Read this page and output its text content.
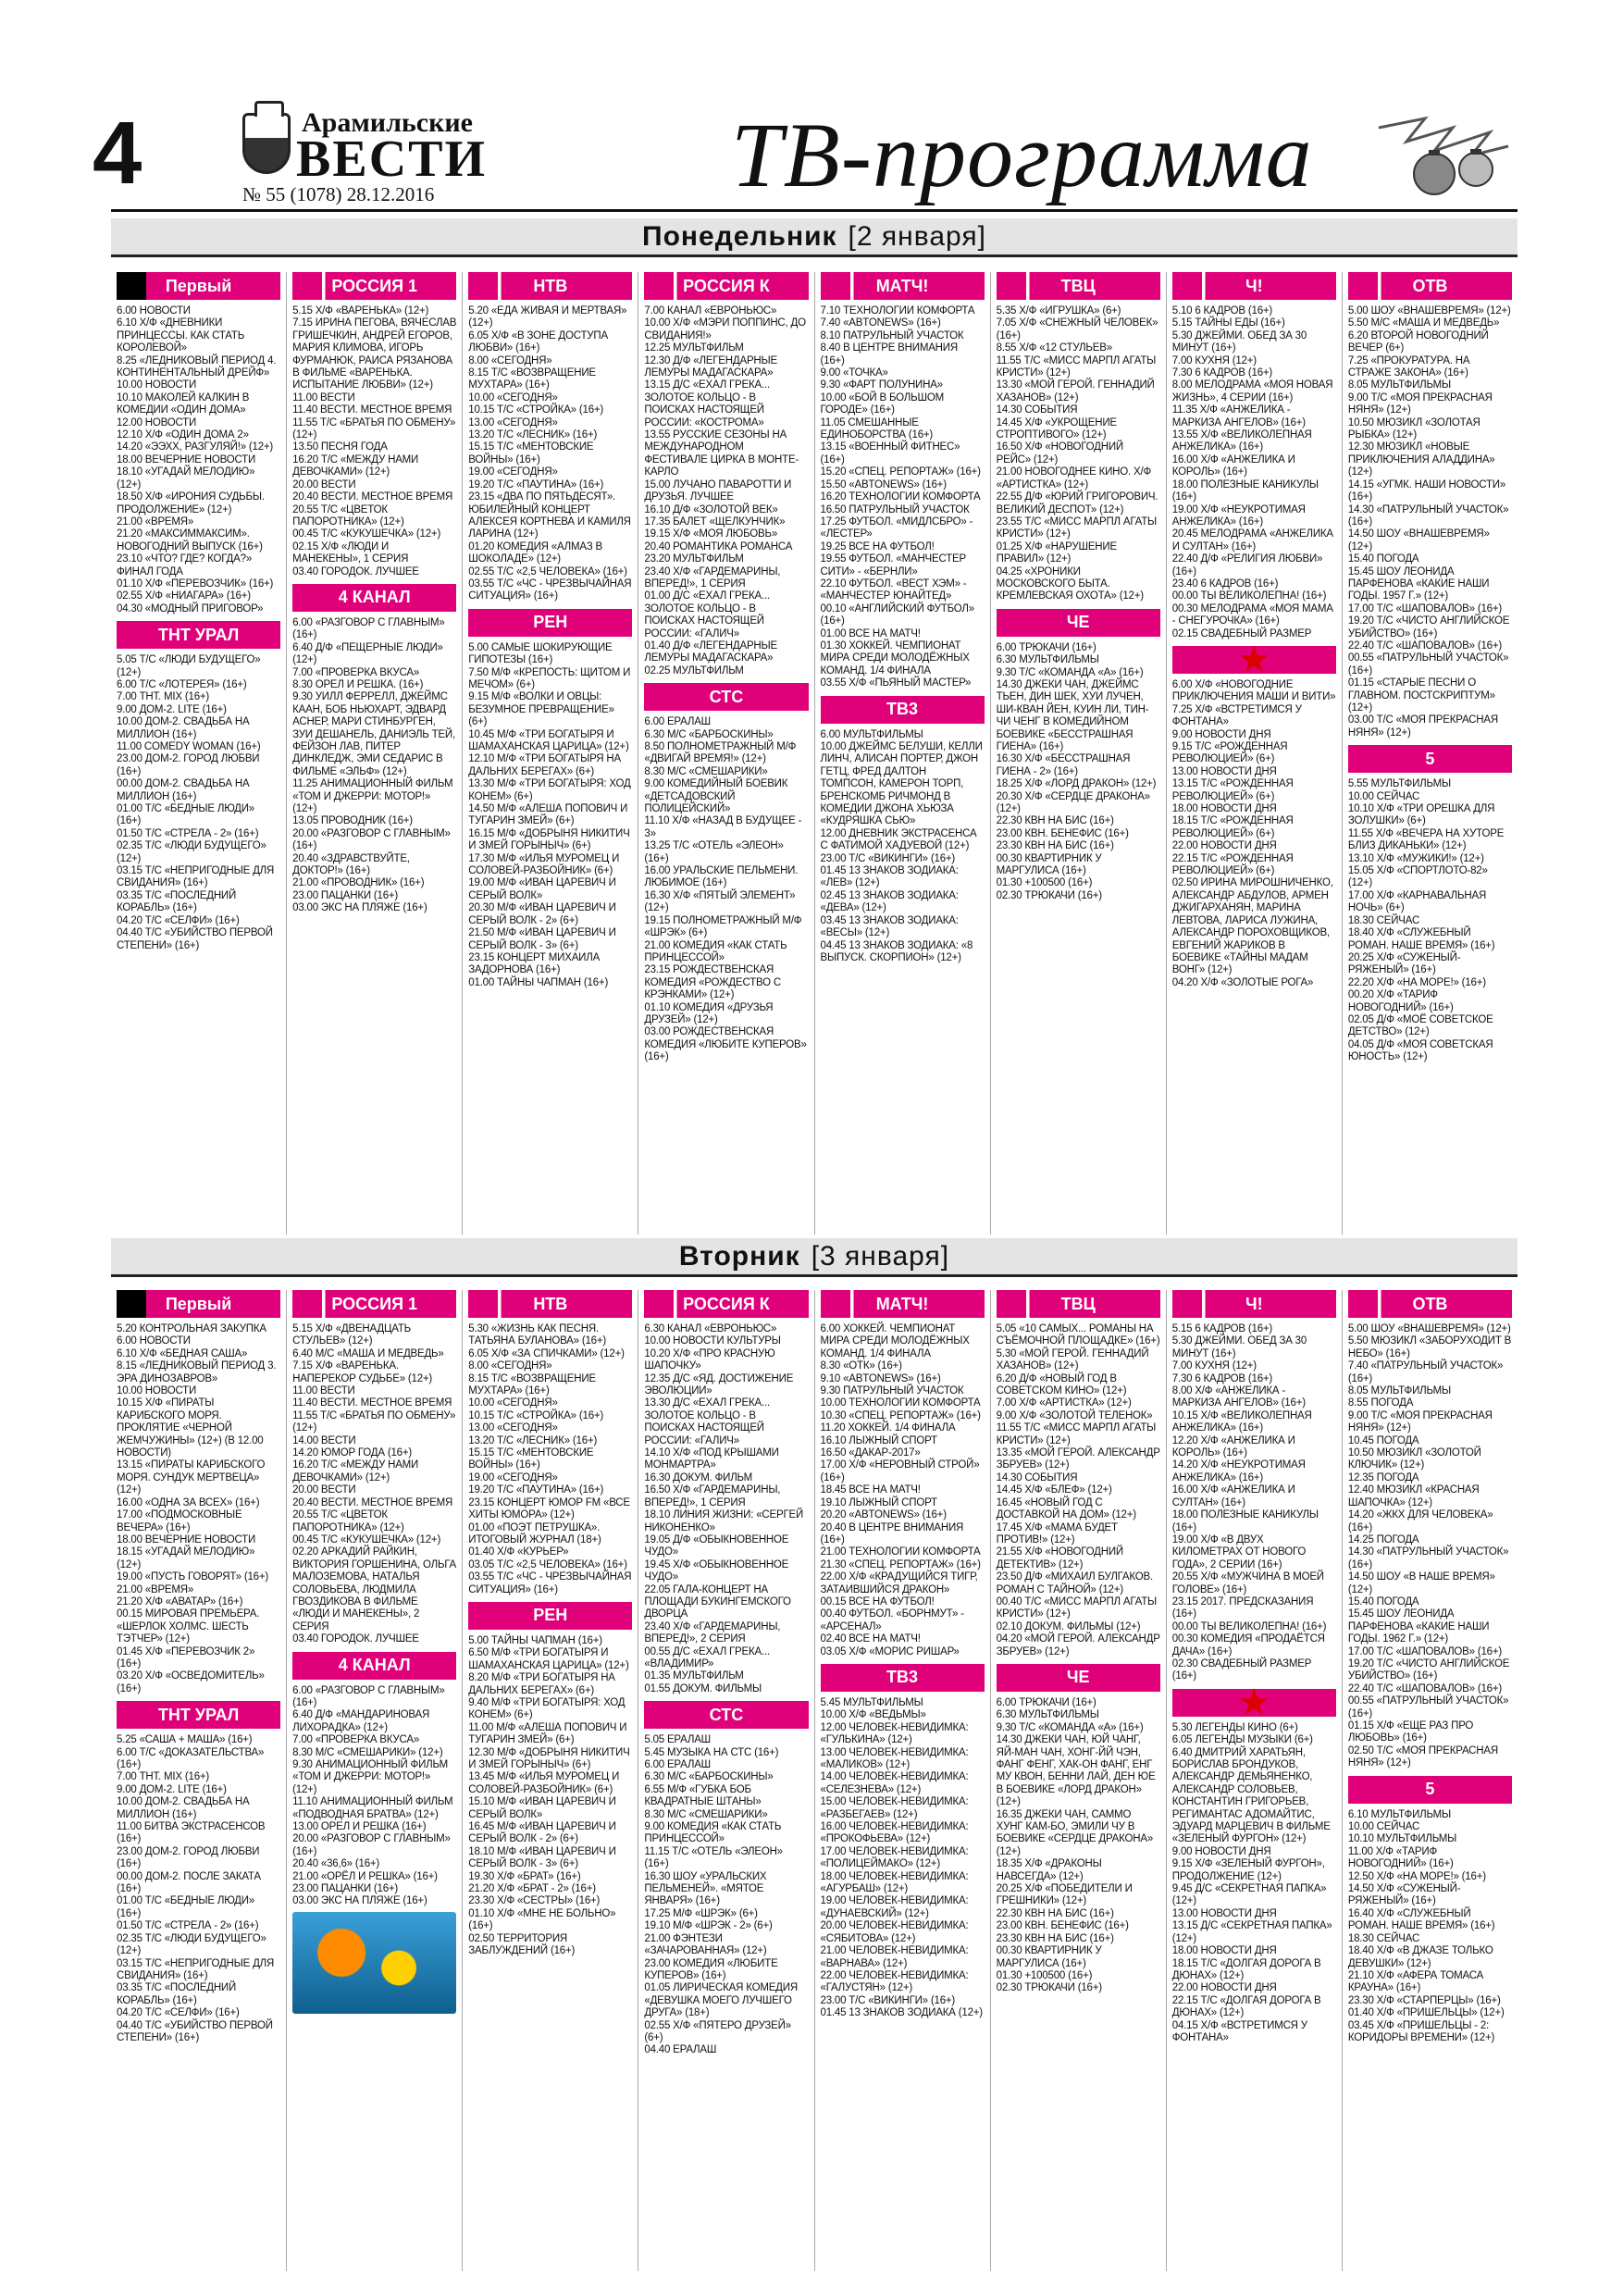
4	Арамильские
ВЕСТИ
№ 55 (1078) 28.12.2016	ТВ-программа
Понедельник [2 января]
Первый
6.00 НОВОСТИ
6.10 Х/Ф «ДНЕВНИКИ ПРИНЦЕССЫ. КАК СТАТЬ КОРОЛЕВОЙ»
8.25 «ЛЕДНИКОВЫЙ ПЕРИОД 4. КОНТИНЕНТАЛЬНЫЙ ДРЕЙФ»
10.00 НОВОСТИ
10.10 МАКОЛЕЙ КАЛКИН В КОМЕДИИ «ОДИН ДОМА»
12.00 НОВОСТИ
12.10 Х/Ф «ОДИН ДОМА 2»
14.20 «ЭЭХХ, РАЗГУЛЯЙ!» (12+)
18.00 ВЕЧЕРНИЕ НОВОСТИ
18.10 «УГАДАЙ МЕЛОДИЮ» (12+)
18.50 Х/Ф «ИРОНИЯ СУДЬБЫ. ПРОДОЛЖЕНИЕ» (12+)
21.00 «ВРЕМЯ»
21.20 «МАКСИММАКСИМ». НОВОГОДНИЙ ВЫПУСК (16+)
23.10 «ЧТО? ГДЕ? КОГДА?» ФИНАЛ ГОДА
01.10 Х/Ф «ПЕРЕВОЗЧИК» (16+)
02.55 Х/Ф «НИАГАРА» (16+)
04.30 «МОДНЫЙ ПРИГОВОР»
ТНТ УРАЛ
5.05 Т/С «ЛЮДИ БУДУЩЕГО» (12+)
6.00 Т/С «ЛОТЕРЕЯ» (16+)
7.00 ТНТ. MIX (16+)
9.00 ДОМ-2. LITE (16+)
10.00 ДОМ-2. СВАДЬБА НА МИЛЛИОН (16+)
11.00 COMEDY WOMAN (16+)
23.00 ДОМ-2. ГОРОД ЛЮБВИ (16+)
00.00 ДОМ-2. СВАДЬБА НА МИЛЛИОН (16+)
01.00 Т/С «БЕДНЫЕ ЛЮДИ» (16+)
01.50 Т/С «СТРЕЛА - 2» (16+)
02.35 Т/С «ЛЮДИ БУДУЩЕГО» (12+)
03.15 Т/С «НЕПРИГОДНЫЕ ДЛЯ СВИДАНИЯ» (16+)
03.35 Т/С «ПОСЛЕДНИЙ КОРАБЛЬ» (16+)
04.20 Т/С «СЕЛФИ» (16+)
04.40 Т/С «УБИЙСТВО ПЕРВОЙ СТЕПЕНИ» (16+)
РОССИЯ 1
5.15 Х/Ф «ВАРЕНЬКА» (12+)
7.15 ИРИНА ПЕГОВА, ВЯЧЕСЛАВ ГРИШЕЧКИН, АНДРЕЙ ЕГОРОВ, МАРИЯ КЛИМОВА, ИГОРЬ ФУРМАНЮК, РАИСА РЯЗАНОВА В ФИЛЬМЕ «ВАРЕНЬКА. ИСПЫТАНИЕ ЛЮБВИ» (12+)
11.00 ВЕСТИ
11.40 ВЕСТИ. МЕСТНОЕ ВРЕМЯ
11.55 Т/С «БРАТЬЯ ПО ОБМЕНУ» (12+)
13.50 ПЕСНЯ ГОДА
16.20 Т/С «МЕЖДУ НАМИ ДЕВОЧКАМИ» (12+)
20.00 ВЕСТИ
20.40 ВЕСТИ. МЕСТНОЕ ВРЕМЯ
20.55 Т/С «ЦВЕТОК ПАПОРОТНИКА» (12+)
00.45 Т/С «КУКУШЕЧКА» (12+)
02.15 Х/Ф «ЛЮДИ И МАНЕКЕНЫ», 1 СЕРИЯ
03.40 ГОРОДОК. ЛУЧШЕЕ
4 КАНАЛ
6.00 «РАЗГОВОР С ГЛАВНЫМ» (16+)
6.40 Д/Ф «ПЕЩЕРНЫЕ ЛЮДИ» (12+)
7.00 «ПРОВЕРКА ВКУСА»
8.30 ОРЕЛ И РЕШКА. (16+)
9.30 УИЛЛ ФЕРРЕЛЛ, ДЖЕЙМС КААН, БОБ НЬЮХАРТ, ЭДВАРД АСНЕР, МАРИ СТИНБУРГЕН, ЗУИ ДЕШАНЕЛЬ, ДАНИЭЛЬ ТЕЙ, ФЕЙЗОН ЛАВ, ПИТЕР ДИНКЛЕДЖ, ЭМИ СЕДАРИС В ФИЛЬМЕ «ЭЛЬФ» (12+)
11.25 АНИМАЦИОННЫЙ ФИЛЬМ «ТОМ И ДЖЕРРИ: МОТОР!» (12+)
13.05 ПРОВОДНИК (16+)
20.00 «РАЗГОВОР С ГЛАВНЫМ» (16+)
20.40 «ЗДРАВСТВУЙТЕ, ДОКТОР!» (16+)
21.00 «ПРОВОДНИК» (16+)
23.00 ПАЦАНКИ (16+)
03.00 ЭКС НА ПЛЯЖЕ (16+)
НТВ
5.20 «ЕДА ЖИВАЯ И МЕРТВАЯ» (12+)
6.05 Х/Ф «В ЗОНЕ ДОСТУПА ЛЮБВИ» (16+)
8.00 «СЕГОДНЯ»
8.15 Т/С «ВОЗВРАЩЕНИЕ МУХТАРА» (16+)
10.00 «СЕГОДНЯ»
10.15 Т/С «СТРОЙКА» (16+)
13.00 «СЕГОДНЯ»
13.20 Т/С «ЛЕСНИК» (16+)
15.15 Т/С «МЕНТОВСКИЕ ВОЙНЫ» (16+)
19.00 «СЕГОДНЯ»
19.20 Т/С «ПАУТИНА» (16+)
23.15 «ДВА ПО ПЯТЬДЕСЯТ». ЮБИЛЕЙНЫЙ КОНЦЕРТ АЛЕКСЕЯ КОРТНЕВА И КАМИЛЯ ЛАРИНА (12+)
01.20 КОМЕДИЯ «АЛМАЗ В ШОКОЛАДЕ» (12+)
02.55 Т/С «2,5 ЧЕЛОВЕКА» (16+)
03.55 Т/С «ЧС - ЧРЕЗВЫЧАЙНАЯ СИТУАЦИЯ» (16+)
РЕН
5.00 САМЫЕ ШОКИРУЮЩИЕ ГИПОТЕЗЫ (16+)
7.50 М/Ф «КРЕПОСТЬ: ЩИТОМ И МЕЧОМ» (6+)
9.15 М/Ф «ВОЛКИ И ОВЦЫ: БЕЗУМНОЕ ПРЕВРАЩЕНИЕ» (6+)
10.45 М/Ф «ТРИ БОГАТЫРЯ И ШАМАХАНСКАЯ ЦАРИЦА» (12+)
12.10 М/Ф «ТРИ БОГАТЫРЯ НА ДАЛЬНИХ БЕРЕГАХ» (6+)
13.30 М/Ф «ТРИ БОГАТЫРЯ: ХОД КОНЕМ» (6+)
14.50 М/Ф «АЛЕША ПОПОВИЧ И ТУГАРИН ЗМЕЙ» (6+)
16.15 М/Ф «ДОБРЫНЯ НИКИТИЧ И ЗМЕЙ ГОРЫНЫЧ» (6+)
17.30 М/Ф «ИЛЬЯ МУРОМЕЦ И СОЛОВЕЙ-РАЗБОЙНИК» (6+)
19.00 М/Ф «ИВАН ЦАРЕВИЧ И СЕРЫЙ ВОЛК»
20.30 М/Ф «ИВАН ЦАРЕВИЧ И СЕРЫЙ ВОЛК - 2» (6+)
21.50 М/Ф «ИВАН ЦАРЕВИЧ И СЕРЫЙ ВОЛК - 3» (6+)
23.15 КОНЦЕРТ МИХАИЛА ЗАДОРНОВА (16+)
01.00 ТАЙНЫ ЧАПМАН (16+)
РОССИЯ К
7.00 КАНАЛ «ЕВРОНЬЮС»
10.00 Х/Ф «МЭРИ ПОППИНС, ДО СВИДАНИЯ!»
12.25 МУЛЬТФИЛЬМ
12.30 Д/Ф «ЛЕГЕНДАРНЫЕ ЛЕМУРЫ МАДАГАСКАРА»
13.15 Д/С «ЕХАЛ ГРЕКА... ЗОЛОТОЕ КОЛЬЦО - В ПОИСКАХ НАСТОЯЩЕЙ РОССИИ: «КОСТРОМА»
13.55 РУССКИЕ СЕЗОНЫ НА МЕЖДУНАРОДНОМ ФЕСТИВАЛЕ ЦИРКА В МОНТЕ-КАРЛО
15.00 ЛУЧАНО ПАВАРОТТИ И ДРУЗЬЯ. ЛУЧШЕЕ
16.10 Д/Ф «ЗОЛОТОЙ ВЕК»
17.35 БАЛЕТ «ЩЕЛКУНЧИК»
19.15 Х/Ф «МОЯ ЛЮБОВЬ»
20.40 РОМАНТИКА РОМАНСА
23.20 МУЛЬТФИЛЬМ
23.40 Х/Ф «ГАРДЕМАРИНЫ, ВПЕРЕД!», 1 СЕРИЯ
01.00 Д/С «ЕХАЛ ГРЕКА... ЗОЛОТОЕ КОЛЬЦО - В ПОИСКАХ НАСТОЯЩЕЙ РОССИИ: «ГАЛИЧ»
01.40 Д/Ф «ЛЕГЕНДАРНЫЕ ЛЕМУРЫ МАДАГАСКАРА»
02.25 МУЛЬТФИЛЬМ
СТС
6.00 ЕРАЛАШ
6.30 М/С «БАРБОСКИНЫ»
8.50 ПОЛНОМЕТРАЖНЫЙ М/Ф «ДВИГАЙ ВРЕМЯ!» (12+)
8.30 М/С «СМЕШАРИКИ»
9.00 КОМЕДИЙНЫЙ БОЕВИК «ДЕТСАДОВСКИЙ ПОЛИЦЕЙСКИЙ»
11.10 Х/Ф «НАЗАД В БУДУЩЕЕ - 3»
13.25 Т/С «ОТЕЛЬ «ЭЛЕОН» (16+)
16.00 УРАЛЬСКИЕ ПЕЛЬМЕНИ. ЛЮБИМОЕ (16+)
16.30 Х/Ф «ПЯТЫЙ ЭЛЕМЕНТ» (12+)
19.15 ПОЛНОМЕТРАЖНЫЙ М/Ф «ШРЭК» (6+)
21.00 КОМЕДИЯ «КАК СТАТЬ ПРИНЦЕССОЙ»
23.15 РОЖДЕСТВЕНСКАЯ КОМЕДИЯ «РОЖДЕСТВО С КРЭНКАМИ» (12+)
01.10 КОМЕДИЯ «ДРУЗЬЯ ДРУЗЕЙ» (12+)
03.00 РОЖДЕСТВЕНСКАЯ КОМЕДИЯ «ЛЮБИТЕ КУПЕРОВ» (16+)
МАТЧ!
7.10 ТЕХНОЛОГИИ КОМФОРТА
7.40 «ABTONEWS» (16+)
8.10 ПАТРУЛЬНЫЙ УЧАСТОК
8.40 В ЦЕНТРЕ ВНИМАНИЯ (16+)
9.00 «ТОЧКА»
9.30 «ФАРТ ПОЛУНИНА»
10.00 «БОЙ В БОЛЬШОМ ГОРОДЕ» (16+)
11.05 СМЕШАННЫЕ ЕДИНОБОРСТВА (16+)
13.15 «ВОЕННЫЙ ФИТНЕС» (16+)
15.20 «СПЕЦ. РЕПОРТАЖ» (16+)
15.50 «ABTONEWS» (16+)
16.20 ТЕХНОЛОГИИ КОМФОРТА
16.50 ПАТРУЛЬНЫЙ УЧАСТОК
17.25 ФУТБОЛ. «МИДЛСБРО» - «ЛЕСТЕР»
19.25 ВСЕ НА ФУТБОЛ!
19.55 ФУТБОЛ. «МАНЧЕСТЕР СИТИ» - «БЕРНЛИ»
22.10 ФУТБОЛ. «ВЕСТ ХЭМ» - «МАНЧЕСТЕР ЮНАЙТЕД»
00.10 «АНГЛИЙСКИЙ ФУТБОЛ» (16+)
01.00 ВСЕ НА МАТЧ!
01.30 ХОККЕЙ. ЧЕМПИОНАТ МИРА СРЕДИ МОЛОДЁЖНЫХ КОМАНД. 1/4 ФИНАЛА
03.55 Х/Ф «ПЬЯНЫЙ МАСТЕР»
ТВ3
6.00 МУЛЬТФИЛЬМЫ
10.00 ДЖЕЙМС БЕЛУШИ, КЕЛЛИ ЛИНЧ, АЛИСАН ПОРТЕР, ДЖОН ГЕТЦ, ФРЕД ДАЛТОН ТОМПСОН, КАМЕРОН ТОРП, БРЕНСКОМБ РИЧМОНД В КОМЕДИИ ДЖОНА ХЬЮЗА «КУДРЯШКА СЬЮ»
12.00 ДНЕВНИК ЭКСТРАСЕНСА С ФАТИМОЙ ХАДУЕВОЙ (12+)
23.00 Т/С «ВИКИНГИ» (16+)
01.45 13 ЗНАКОВ ЗОДИАКА: «ЛЕВ» (12+)
02.45 13 ЗНАКОВ ЗОДИАКА: «ДЕВА» (12+)
03.45 13 ЗНАКОВ ЗОДИАКА: «ВЕСЫ» (12+)
04.45 13 ЗНАКОВ ЗОДИАКА: «8 ВЫПУСК. СКОРПИОН» (12+)
ТВЦ
5.35 Х/Ф «ИГРУШКА» (6+)
7.05 Х/Ф «СНЕЖНЫЙ ЧЕЛОВЕК» (16+)
8.55 Х/Ф «12 СТУЛЬЕВ»
11.55 Т/С «МИСС МАРПЛ АГАТЫ КРИСТИ» (12+)
13.30 «МОЙ ГЕРОЙ. ГЕННАДИЙ ХАЗАНОВ» (12+)
14.30 СОБЫТИЯ
14.45 Х/Ф «УКРОЩЕНИЕ СТРОПТИВОГО» (12+)
16.50 Х/Ф «НОВОГОДНИЙ РЕЙС» (12+)
21.00 НОВОГОДНЕЕ КИНО. Х/Ф «АРТИСТКА» (12+)
22.55 Д/Ф «ЮРИЙ ГРИГОРОВИЧ. ВЕЛИКИЙ ДЕСПОТ» (12+)
23.55 Т/С «МИСС МАРПЛ АГАТЫ КРИСТИ» (12+)
01.25 Х/Ф «НАРУШЕНИЕ ПРАВИЛ» (12+)
04.25 «ХРОНИКИ МОСКОВСКОГО БЫТА. КРЕМЛЕВСКАЯ ОХОТА» (12+)
ЧЕ
6.00 ТРЮКАЧИ (16+)
6.30 МУЛЬТФИЛЬМЫ
9.30 Т/С «КОМАНДА «А» (16+)
14.30 ДЖЕКИ ЧАН, ДЖЕЙМС ТЬЕН, ДИН ШЕК, ХУИ ЛУЧЕН, ШИ-КВАН ЙЕН, КУИН ЛИ, ТИН-ЧИ ЧЕНГ В КОМЕДИЙНОМ БОЕВИКЕ «БЕССТРАШНАЯ ГИЕНА» (16+)
16.30 Х/Ф «БЕССТРАШНАЯ ГИЕНА - 2» (16+)
18.25 Х/Ф «ЛОРД ДРАКОН» (12+)
20.30 Х/Ф «СЕРДЦЕ ДРАКОНА» (12+)
22.30 КВН НА БИС (16+)
23.00 КВН. БЕНЕФИС (16+)
23.30 КВН НА БИС (16+)
00.30 КВАРТИРНИК У МАРГУЛИСА (16+)
01.30 +100500 (16+)
02.30 ТРЮКАЧИ (16+)
Ч!
5.10 6 КАДРОВ (16+)
5.15 ТАЙНЫ ЕДЫ (16+)
5.30 ДЖЕЙМИ. ОБЕД ЗА 30 МИНУТ (16+)
7.00 КУХНЯ (12+)
7.30 6 КАДРОВ (16+)
8.00 МЕЛОДРАМА «МОЯ НОВАЯ ЖИЗНЬ», 4 СЕРИИ (16+)
11.35 Х/Ф «АНЖЕЛИКА - МАРКИЗА АНГЕЛОВ» (16+)
13.55 Х/Ф «ВЕЛИКОЛЕПНАЯ АНЖЕЛИКА» (16+)
16.00 Х/Ф «АНЖЕЛИКА И КОРОЛЬ» (16+)
18.00 ПОЛЕЗНЫЕ КАНИКУЛЫ (16+)
19.00 Х/Ф «НЕУКРОТИМАЯ АНЖЕЛИКА» (16+)
20.45 МЕЛОДРАМА «АНЖЕЛИКА И СУЛТАН» (16+)
22.40 Д/Ф «РЕЛИГИЯ ЛЮБВИ» (16+)
23.40 6 КАДРОВ (16+)
00.00 ТЫ ВЕЛИКОЛЕПНА! (16+)
00.30 МЕЛОДРАМА «МОЯ МАМА - СНЕГУРОЧКА» (16+)
02.15 СВАДЕБНЫЙ РАЗМЕР
★
6.00 Х/Ф «НОВОГОДНИЕ ПРИКЛЮЧЕНИЯ МАШИ И ВИТИ»
7.25 Х/Ф «ВСТРЕТИМСЯ У ФОНТАНА»
9.00 НОВОСТИ ДНЯ
9.15 Т/С «РОЖДЕННАЯ РЕВОЛЮЦИЕЙ» (6+)
13.00 НОВОСТИ ДНЯ
13.15 Т/С «РОЖДЕННАЯ РЕВОЛЮЦИЕЙ» (6+)
18.00 НОВОСТИ ДНЯ
18.15 Т/С «РОЖДЕННАЯ РЕВОЛЮЦИЕЙ» (6+)
22.00 НОВОСТИ ДНЯ
22.15 Т/С «РОЖДЕННАЯ РЕВОЛЮЦИЕЙ» (6+)
02.50 ИРИНА МИРОШНИЧЕНКО, АЛЕКСАНДР АБДУЛОВ, АРМЕН ДЖИГАРХАНЯН, МАРИНА ЛЕВТОВА, ЛАРИСА ЛУЖИНА, АЛЕКСАНДР ПОРОХОВЩИКОВ, ЕВГЕНИЙ ЖАРИКОВ В БОЕВИКЕ «ТАЙНЫ МАДАМ ВОНГ» (12+)
04.20 Х/Ф «ЗОЛОТЫЕ РОГА»
ОТВ
5.00 ШОУ «ВНАШЕВРЕМЯ» (12+)
5.50 М/С «МАША И МЕДВЕДЬ»
6.20 ВТОРОЙ НОВОГОДНИЙ ВЕЧЕР (6+)
7.25 «ПРОКУРАТУРА. НА СТРАЖЕ ЗАКОНА» (16+)
8.05 МУЛЬТФИЛЬМЫ
9.00 Т/С «МОЯ ПРЕКРАСНАЯ НЯНЯ» (12+)
10.50 МЮЗИКЛ «ЗОЛОТАЯ РЫБКА» (12+)
12.30 МЮЗИКЛ «НОВЫЕ ПРИКЛЮЧЕНИЯ АЛАДДИНА» (12+)
14.15 «УГМК. НАШИ НОВОСТИ» (16+)
14.30 «ПАТРУЛЬНЫЙ УЧАСТОК» (16+)
14.50 ШОУ «ВНАШЕВРЕМЯ» (12+)
15.40 ПОГОДА
15.45 ШОУ ЛЕОНИДА ПАРФЕНОВА «КАКИЕ НАШИ ГОДЫ. 1957 Г.» (12+)
17.00 Т/С «ШАПОВАЛОВ» (16+)
19.20 Т/С «ЧИСТО АНГЛИЙСКОЕ УБИЙСТВО» (16+)
22.40 Т/С «ШАПОВАЛОВ» (16+)
00.55 «ПАТРУЛЬНЫЙ УЧАСТОК» (16+)
01.15 «СТАРЫЕ ПЕСНИ О ГЛАВНОМ. ПОСТСКРИПТУМ» (12+)
03.00 Т/С «МОЯ ПРЕКРАСНАЯ НЯНЯ» (12+)
5
5.55 МУЛЬТФИЛЬМЫ
10.00 СЕЙЧАС
10.10 Х/Ф «ТРИ ОРЕШКА ДЛЯ ЗОЛУШКИ» (6+)
11.55 Х/Ф «ВЕЧЕРА НА ХУТОРЕ БЛИЗ ДИКАНЬКИ» (12+)
13.10 Х/Ф «МУЖИКИ!» (12+)
15.05 Х/Ф «СПОРТЛОТО-82» (12+)
17.00 Х/Ф «КАРНАВАЛЬНАЯ НОЧЬ» (6+)
18.30 СЕЙЧАС
18.40 Х/Ф «СЛУЖЕБНЫЙ РОМАН. НАШЕ ВРЕМЯ» (16+)
20.25 Х/Ф «СУЖЕНЫЙ-РЯЖЕНЫЙ» (16+)
22.20 Х/Ф «НА МОРЕ!» (16+)
00.20 Х/Ф «ТАРИФ НОВОГОДНИЙ» (16+)
02.05 Д/Ф «МОЁ СОВЕТСКОЕ ДЕТСТВО» (12+)
04.05 Д/Ф «МОЯ СОВЕТСКАЯ ЮНОСТЬ» (12+)
Вторник [3 января]
Первый
5.20 КОНТРОЛЬНАЯ ЗАКУПКА
6.00 НОВОСТИ
6.10 Х/Ф «БЕДНАЯ САША»
8.15 «ЛЕДНИКОВЫЙ ПЕРИОД 3. ЭРА ДИНОЗАВРОВ»
10.00 НОВОСТИ
10.15 Х/Ф «ПИРАТЫ КАРИБСКОГО МОРЯ. ПРОКЛЯТИЕ «ЧЕРНОЙ ЖЕМЧУЖИНЫ» (12+) (В 12.00 НОВОСТИ)
13.15 «ПИРАТЫ КАРИБСКОГО МОРЯ. СУНДУК МЕРТВЕЦА» (12+)
16.00 «ОДНА ЗА ВСЕХ» (16+)
17.00 «ПОДМОСКОВНЫЕ ВЕЧЕРА» (16+)
18.00 ВЕЧЕРНИЕ НОВОСТИ
18.15 «УГАДАЙ МЕЛОДИЮ» (12+)
19.00 «ПУСТЬ ГОВОРЯТ» (16+)
21.00 «ВРЕМЯ»
21.20 Х/Ф «АВАТАР» (16+)
00.15 МИРОВАЯ ПРЕМЬЕРА. «ШЕРЛОК ХОЛМС. ШЕСТЬ ТЭТЧЕР» (12+)
01.45 Х/Ф «ПЕРЕВОЗЧИК 2» (16+)
03.20 Х/Ф «ОСВЕДОМИТЕЛЬ» (16+)
ТНТ УРАЛ
5.25 «САША + МАША» (16+)
6.00 Т/С «ДОКАЗАТЕЛЬСТВА» (16+)
7.00 ТНТ. MIX (16+)
9.00 ДОМ-2. LITE (16+)
10.00 ДОМ-2. СВАДЬБА НА МИЛЛИОН (16+)
11.00 БИТВА ЭКСТРАСЕНСОВ (16+)
23.00 ДОМ-2. ГОРОД ЛЮБВИ (16+)
00.00 ДОМ-2. ПОСЛЕ ЗАКАТА (16+)
01.00 Т/С «БЕДНЫЕ ЛЮДИ» (16+)
01.50 Т/С «СТРЕЛА - 2» (16+)
02.35 Т/С «ЛЮДИ БУДУЩЕГО» (12+)
03.15 Т/С «НЕПРИГОДНЫЕ ДЛЯ СВИДАНИЯ» (16+)
03.35 Т/С «ПОСЛЕДНИЙ КОРАБЛЬ» (16+)
04.20 Т/С «СЕЛФИ» (16+)
04.40 Т/С «УБИЙСТВО ПЕРВОЙ СТЕПЕНИ» (16+)
РОССИЯ 1
5.15 Х/Ф «ДВЕНАДЦАТЬ СТУЛЬЕВ» (12+)
6.40 М/С «МАША И МЕДВЕДЬ»
7.15 Х/Ф «ВАРЕНЬКА. НАПЕРЕКОР СУДЬБЕ» (12+)
11.00 ВЕСТИ
11.40 ВЕСТИ. МЕСТНОЕ ВРЕМЯ
11.55 Т/С «БРАТЬЯ ПО ОБМЕНУ» (12+)
14.00 ВЕСТИ
14.20 ЮМОР ГОДА (16+)
16.20 Т/С «МЕЖДУ НАМИ ДЕВОЧКАМИ» (12+)
20.00 ВЕСТИ
20.40 ВЕСТИ. МЕСТНОЕ ВРЕМЯ
20.55 Т/С «ЦВЕТОК ПАПОРОТНИКА» (12+)
00.45 Т/С «КУКУШЕЧКА» (12+)
02.20 АРКАДИЙ РАЙКИН, ВИКТОРИЯ ГОРШЕНИНА, ОЛЬГА МАЛОЗЕМОВА, НАТАЛЬЯ СОЛОВЬЕВА, ЛЮДМИЛА ГВОЗДИКОВА В ФИЛЬМЕ «ЛЮДИ И МАНЕКЕНЫ», 2 СЕРИЯ
03.40 ГОРОДОК. ЛУЧШЕЕ
4 КАНАЛ
6.00 «РАЗГОВОР С ГЛАВНЫМ» (16+)
6.40 Д/Ф «МАНДАРИНОВАЯ ЛИХОРАДКА» (12+)
7.00 «ПРОВЕРКА ВКУСА»
8.30 М/С «СМЕШАРИКИ» (12+)
9.30 АНИМАЦИОННЫЙ ФИЛЬМ «ТОМ И ДЖЕРРИ: МОТОР!» (12+)
11.10 АНИМАЦИОННЫЙ ФИЛЬМ «ПОДВОДНАЯ БРАТВА» (12+)
13.00 ОРЕЛ И РЕШКА (16+)
20.00 «РАЗГОВОР С ГЛАВНЫМ» (16+)
20.40 «36,6» (16+)
21.00 «ОРЁЛ И РЕШКА» (16+)
23.00 ПАЦАНКИ (16+)
03.00 ЭКС НА ПЛЯЖЕ (16+)
НТВ
5.30 «ЖИЗНЬ КАК ПЕСНЯ. ТАТЬЯНА БУЛАНОВА» (16+)
6.05 Х/Ф «ЗА СПИЧКАМИ» (12+)
8.00 «СЕГОДНЯ»
8.15 Т/С «ВОЗВРАЩЕНИЕ МУХТАРА» (16+)
10.00 «СЕГОДНЯ»
10.15 Т/С «СТРОЙКА» (16+)
13.00 «СЕГОДНЯ»
13.20 Т/С «ЛЕСНИК» (16+)
15.15 Т/С «МЕНТОВСКИЕ ВОЙНЫ» (16+)
19.00 «СЕГОДНЯ»
19.20 Т/С «ПАУТИНА» (16+)
23.15 КОНЦЕРТ ЮМОР FM «ВСЕ ХИТЫ ЮМОРА» (12+)
01.00 «ПОЭТ ПЕТРУШКА». ИТОГОВЫЙ ЖУРНАЛ (18+)
01.40 Х/Ф «КУРЬЕР»
03.05 Т/С «2,5 ЧЕЛОВЕКА» (16+)
03.55 Т/С «ЧС - ЧРЕЗВЫЧАЙНАЯ СИТУАЦИЯ» (16+)
РЕН
5.00 ТАЙНЫ ЧАПМАН (16+)
6.50 М/Ф «ТРИ БОГАТЫРЯ И ШАМАХАНСКАЯ ЦАРИЦА» (12+)
8.20 М/Ф «ТРИ БОГАТЫРЯ НА ДАЛЬНИХ БЕРЕГАХ» (6+)
9.40 М/Ф «ТРИ БОГАТЫРЯ: ХОД КОНЕМ» (6+)
11.00 М/Ф «АЛЕША ПОПОВИЧ И ТУГАРИН ЗМЕЙ» (6+)
12.30 М/Ф «ДОБРЫНЯ НИКИТИЧ И ЗМЕЙ ГОРЫНЫЧ» (6+)
13.45 М/Ф «ИЛЬЯ МУРОМЕЦ И СОЛОВЕЙ-РАЗБОЙНИК» (6+)
15.10 М/Ф «ИВАН ЦАРЕВИЧ И СЕРЫЙ ВОЛК»
16.45 М/Ф «ИВАН ЦАРЕВИЧ И СЕРЫЙ ВОЛК - 2» (6+)
18.10 М/Ф «ИВАН ЦАРЕВИЧ И СЕРЫЙ ВОЛК - 3» (6+)
19.30 Х/Ф «БРАТ» (16+)
21.20 Х/Ф «БРАТ - 2» (16+)
23.30 Х/Ф «СЕСТРЫ» (16+)
01.10 Х/Ф «МНЕ НЕ БОЛЬНО» (16+)
02.50 ТЕРРИТОРИЯ ЗАБЛУЖДЕНИЙ (16+)
РОССИЯ К
6.30 КАНАЛ «ЕВРОНЬЮС»
10.00 НОВОСТИ КУЛЬТУРЫ
10.20 Х/Ф «ПРО КРАСНУЮ ШАПОЧКУ»
12.35 Д/С «ЯД. ДОСТИЖЕНИЕ ЭВОЛЮЦИИ»
13.30 Д/С «ЕХАЛ ГРЕКА... ЗОЛОТОЕ КОЛЬЦО - В ПОИСКАХ НАСТОЯЩЕЙ РОССИИ: «ГАЛИЧ»
14.10 Х/Ф «ПОД КРЫШАМИ МОНМАРТРА»
16.30 ДОКУМ. ФИЛЬМ
16.50 Х/Ф «ГАРДЕМАРИНЫ, ВПЕРЕД!», 1 СЕРИЯ
18.10 ЛИНИЯ ЖИЗНИ: «СЕРГЕЙ НИКОНЕНКО»
19.05 Д/Ф «ОБЫКНОВЕННОЕ ЧУДО»
19.45 Х/Ф «ОБЫКНОВЕННОЕ ЧУДО»
22.05 ГАЛА-КОНЦЕРТ НА ПЛОЩАДИ БУКИНГЕМСКОГО ДВОРЦА
23.40 Х/Ф «ГАРДЕМАРИНЫ, ВПЕРЕД!», 2 СЕРИЯ
00.55 Д/С «ЕХАЛ ГРЕКА... «ВЛАДИМИР»
01.35 МУЛЬТФИЛЬМ
01.55 ДОКУМ. ФИЛЬМЫ
СТС
5.05 ЕРАЛАШ
5.45 МУЗЫКА НА СТС (16+)
6.00 ЕРАЛАШ
6.30 М/С «БАРБОСКИНЫ»
6.55 М/Ф «ГУБКА БОБ КВАДРАТНЫЕ ШТАНЫ»
8.30 М/С «СМЕШАРИКИ»
9.00 КОМЕДИЯ «КАК СТАТЬ ПРИНЦЕССОЙ»
11.15 Т/С «ОТЕЛЬ «ЭЛЕОН» (16+)
16.30 ШОУ «УРАЛЬСКИХ ПЕЛЬМЕНЕЙ». «МЯТОЕ ЯНВАРЯ» (16+)
17.25 М/Ф «ШРЭК» (6+)
19.10 М/Ф «ШРЭК - 2» (6+)
21.00 ФЭНТЕЗИ «ЗАЧАРОВАННАЯ» (12+)
23.00 КОМЕДИЯ «ЛЮБИТЕ КУПЕРОВ» (16+)
01.05 ЛИРИЧЕСКАЯ КОМЕДИЯ «ДЕВУШКА МОЕГО ЛУЧШЕГО ДРУГА» (18+)
02.55 Х/Ф «ПЯТЕРО ДРУЗЕЙ» (6+)
04.40 ЕРАЛАШ
МАТЧ!
6.00 ХОККЕЙ. ЧЕМПИОНАТ МИРА СРЕДИ МОЛОДЁЖНЫХ КОМАНД. 1/4 ФИНАЛА
8.30 «ОТК» (16+)
9.10 «ABTONEWS» (16+)
9.30 ПАТРУЛЬНЫЙ УЧАСТОК
10.00 ТЕХНОЛОГИИ КОМФОРТА
10.30 «СПЕЦ. РЕПОРТАЖ» (16+)
11.20 ХОККЕЙ. 1/4 ФИНАЛА
16.10 ЛЫЖНЫЙ СПОРТ
16.50 «ДАКАР-2017»
17.00 Х/Ф «НЕРОВНЫЙ СТРОЙ» (16+)
18.45 ВСЕ НА МАТЧ!
19.10 ЛЫЖНЫЙ СПОРТ
20.20 «ABTONEWS» (16+)
20.40 В ЦЕНТРЕ ВНИМАНИЯ (16+)
21.00 ТЕХНОЛОГИИ КОМФОРТА
21.30 «СПЕЦ. РЕПОРТАЖ» (16+)
22.00 Х/Ф «КРАДУЩИЙСЯ ТИГР, ЗАТАИВШИЙСЯ ДРАКОН»
00.15 ВСЕ НА ФУТБОЛ!
00.40 ФУТБОЛ. «БОРНМУТ» - «АРСЕНАЛ»
02.40 ВСЕ НА МАТЧ!
03.05 Х/Ф «МОРИС РИШАР»
ТВ3
5.45 МУЛЬТФИЛЬМЫ
10.00 Х/Ф «ВЕДЬМЫ»
12.00 ЧЕЛОВЕК-НЕВИДИМКА: «ГУЛЬКИНА» (12+)
13.00 ЧЕЛОВЕК-НЕВИДИМКА: «МАЛИКОВ» (12+)
14.00 ЧЕЛОВЕК-НЕВИДИМКА: «СЕЛЕЗНЕВА» (12+)
15.00 ЧЕЛОВЕК-НЕВИДИМКА: «РАЗБЕГАЕВ» (12+)
16.00 ЧЕЛОВЕК-НЕВИДИМКА: «ПРОКОФЬЕВА» (12+)
17.00 ЧЕЛОВЕК-НЕВИДИМКА: «ПОЛИЦЕЙМАКО» (12+)
18.00 ЧЕЛОВЕК-НЕВИДИМКА: «АГУРБАШ» (12+)
19.00 ЧЕЛОВЕК-НЕВИДИМКА: «ДУНАЕВСКИЙ» (12+)
20.00 ЧЕЛОВЕК-НЕВИДИМКА: «СЯБИТОВА» (12+)
21.00 ЧЕЛОВЕК-НЕВИДИМКА: «ВАРНАВА» (12+)
22.00 ЧЕЛОВЕК-НЕВИДИМКА: «ГАЛУСТЯН» (12+)
23.00 Т/С «ВИКИНГИ» (16+)
01.45 13 ЗНАКОВ ЗОДИАКА (12+)
ТВЦ
5.05 «10 САМЫХ... РОМАНЫ НА СЪЁМОЧНОЙ ПЛОЩАДКЕ» (16+)
5.30 «МОЙ ГЕРОЙ. ГЕННАДИЙ ХАЗАНОВ» (12+)
6.20 Д/Ф «НОВЫЙ ГОД В СОВЕТСКОМ КИНО» (12+)
7.00 Х/Ф «АРТИСТКА» (12+)
9.00 Х/Ф «ЗОЛОТОЙ ТЕЛЕНОК»
11.55 Т/С «МИСС МАРПЛ АГАТЫ КРИСТИ» (12+)
13.35 «МОЙ ГЕРОЙ. АЛЕКСАНДР ЗБРУЕВ» (12+)
14.30 СОБЫТИЯ
14.45 Х/Ф «БЛЕФ» (12+)
16.45 «НОВЫЙ ГОД С ДОСТАВКОЙ НА ДОМ» (12+)
17.45 Х/Ф «МАМА БУДЕТ ПРОТИВ!» (12+)
21.55 Х/Ф «НОВОГОДНИЙ ДЕТЕКТИВ» (12+)
23.50 Д/Ф «МИХАИЛ БУЛГАКОВ. РОМАН С ТАЙНОЙ» (12+)
00.40 Т/С «МИСС МАРПЛ АГАТЫ КРИСТИ» (12+)
02.10 ДОКУМ. ФИЛЬМЫ (12+)
04.20 «МОЙ ГЕРОЙ. АЛЕКСАНДР ЗБРУЕВ» (12+)
ЧЕ
6.00 ТРЮКАЧИ (16+)
6.30 МУЛЬТФИЛЬМЫ
9.30 Т/С «КОМАНДА «А» (16+)
14.30 ДЖЕКИ ЧАН, ЮЙ ЧАНГ, ЯЙ-МАН ЧАН, ХОНГ-ЙЙ ЧЭН, ФАНГ ФЕНГ, ХАК-ОН ФАНГ, ЕНГ МУ КВОН, БЕННИ ЛАЙ, ДЕН ЮЕ В БОЕВИКЕ «ЛОРД ДРАКОН» (12+)
16.35 ДЖЕКИ ЧАН, САММО ХУНГ КАМ-БО, ЭМИЛИ ЧУ В БОЕВИКЕ «СЕРДЦЕ ДРАКОНА» (12+)
18.35 Х/Ф «ДРАКОНЫ НАВСЕГДА» (12+)
20.25 Х/Ф «ПОБЕДИТЕЛИ И ГРЕШНИКИ» (12+)
22.30 КВН НА БИС (16+)
23.00 КВН. БЕНЕФИС (16+)
23.30 КВН НА БИС (16+)
00.30 КВАРТИРНИК У МАРГУЛИСА (16+)
01.30 +100500 (16+)
02.30 ТРЮКАЧИ (16+)
Ч!
5.15 6 КАДРОВ (16+)
5.30 ДЖЕЙМИ. ОБЕД ЗА 30 МИНУТ (16+)
7.00 КУХНЯ (12+)
7.30 6 КАДРОВ (16+)
8.00 Х/Ф «АНЖЕЛИКА - МАРКИЗА АНГЕЛОВ» (16+)
10.15 Х/Ф «ВЕЛИКОЛЕПНАЯ АНЖЕЛИКА» (16+)
12.20 Х/Ф «АНЖЕЛИКА И КОРОЛЬ» (16+)
14.20 Х/Ф «НЕУКРОТИМАЯ АНЖЕЛИКА» (16+)
16.00 Х/Ф «АНЖЕЛИКА И СУЛТАН» (16+)
18.00 ПОЛЕЗНЫЕ КАНИКУЛЫ (16+)
19.00 Х/Ф «В ДВУХ КИЛОМЕТРАХ ОТ НОВОГО ГОДА», 2 СЕРИИ (16+)
20.55 Х/Ф «МУЖЧИНА В МОЕЙ ГОЛОВЕ» (16+)
23.15 2017. ПРЕДСКАЗАНИЯ (16+)
00.00 ТЫ ВЕЛИКОЛЕПНА! (16+)
00.30 КОМЕДИЯ «ПРОДАЁТСЯ ДАЧА» (16+)
02.30 СВАДЕБНЫЙ РАЗМЕР (16+)
★
5.30 ЛЕГЕНДЫ КИНО (6+)
6.05 ЛЕГЕНДЫ МУЗЫКИ (6+)
6.40 ДМИТРИЙ ХАРАТЬЯН, БОРИСЛАВ БРОНДУКОВ, АЛЕКСАНДР ДЕМЬЯНЕНКО, АЛЕКСАНДР СОЛОВЬЕВ, КОНСТАНТИН ГРИГОРЬЕВ, РЕГИМАНТАС АДОМАЙТИС, ЭДУАРД МАРЦЕВИЧ В ФИЛЬМЕ «ЗЕЛЕНЫЙ ФУРГОН» (12+)
9.00 НОВОСТИ ДНЯ
9.15 Х/Ф «ЗЕЛЕНЫЙ ФУРГОН», ПРОДОЛЖЕНИЕ (12+)
9.45 Д/С «СЕКРЕТНАЯ ПАПКА» (12+)
13.00 НОВОСТИ ДНЯ
13.15 Д/С «СЕКРЕТНАЯ ПАПКА» (12+)
18.00 НОВОСТИ ДНЯ
18.15 Т/С «ДОЛГАЯ ДОРОГА В ДЮНАХ» (12+)
22.00 НОВОСТИ ДНЯ
22.15 Т/С «ДОЛГАЯ ДОРОГА В ДЮНАХ» (12+)
04.15 Х/Ф «ВСТРЕТИМСЯ У ФОНТАНА»
ОТВ
5.00 ШОУ «ВНАШЕВРЕМЯ» (12+)
5.50 МЮЗИКЛ «ЗАБОРУХОДИТ В НЕБО» (16+)
7.40 «ПАТРУЛЬНЫЙ УЧАСТОК» (16+)
8.05 МУЛЬТФИЛЬМЫ
8.55 ПОГОДА
9.00 Т/С «МОЯ ПРЕКРАСНАЯ НЯНЯ» (12+)
10.45 ПОГОДА
10.50 МЮЗИКЛ «ЗОЛОТОЙ КЛЮЧИК» (12+)
12.35 ПОГОДА
12.40 МЮЗИКЛ «КРАСНАЯ ШАПОЧКА» (12+)
14.20 «ЖКХ ДЛЯ ЧЕЛОВЕКА» (16+)
14.25 ПОГОДА
14.30 «ПАТРУЛЬНЫЙ УЧАСТОК» (16+)
14.50 ШОУ «В НАШЕ ВРЕМЯ» (12+)
15.40 ПОГОДА
15.45 ШОУ ЛЕОНИДА ПАРФЕНОВА «КАКИЕ НАШИ ГОДЫ. 1962 Г.» (12+)
17.00 Т/С «ШАПОВАЛОВ» (16+)
19.20 Т/С «ЧИСТО АНГЛИЙСКОЕ УБИЙСТВО» (16+)
22.40 Т/С «ШАПОВАЛОВ» (16+)
00.55 «ПАТРУЛЬНЫЙ УЧАСТОК» (16+)
01.15 Х/Ф «ЕЩЕ РАЗ ПРО ЛЮБОВЬ» (16+)
02.50 Т/С «МОЯ ПРЕКРАСНАЯ НЯНЯ» (12+)
5
6.10 МУЛЬТФИЛЬМЫ
10.00 СЕЙЧАС
10.10 МУЛЬТФИЛЬМЫ
11.00 Х/Ф «ТАРИФ НОВОГОДНИЙ» (16+)
12.50 Х/Ф «НА МОРЕ!» (16+)
14.50 Х/Ф «СУЖЕНЫЙ-РЯЖЕНЫЙ» (16+)
16.40 Х/Ф «СЛУЖЕБНЫЙ РОМАН. НАШЕ ВРЕМЯ» (16+)
18.30 СЕЙЧАС
18.40 Х/Ф «В ДЖАЗЕ ТОЛЬКО ДЕВУШКИ» (12+)
21.10 Х/Ф «АФЕРА ТОМАСА КРАУНА» (16+)
23.30 Х/Ф «СТАРПЕРЦЫ» (16+)
01.40 Х/Ф «ПРИШЕЛЬЦЫ» (12+)
03.45 Х/Ф «ПРИШЕЛЬЦЫ - 2: КОРИДОРЫ ВРЕМЕНИ» (12+)
